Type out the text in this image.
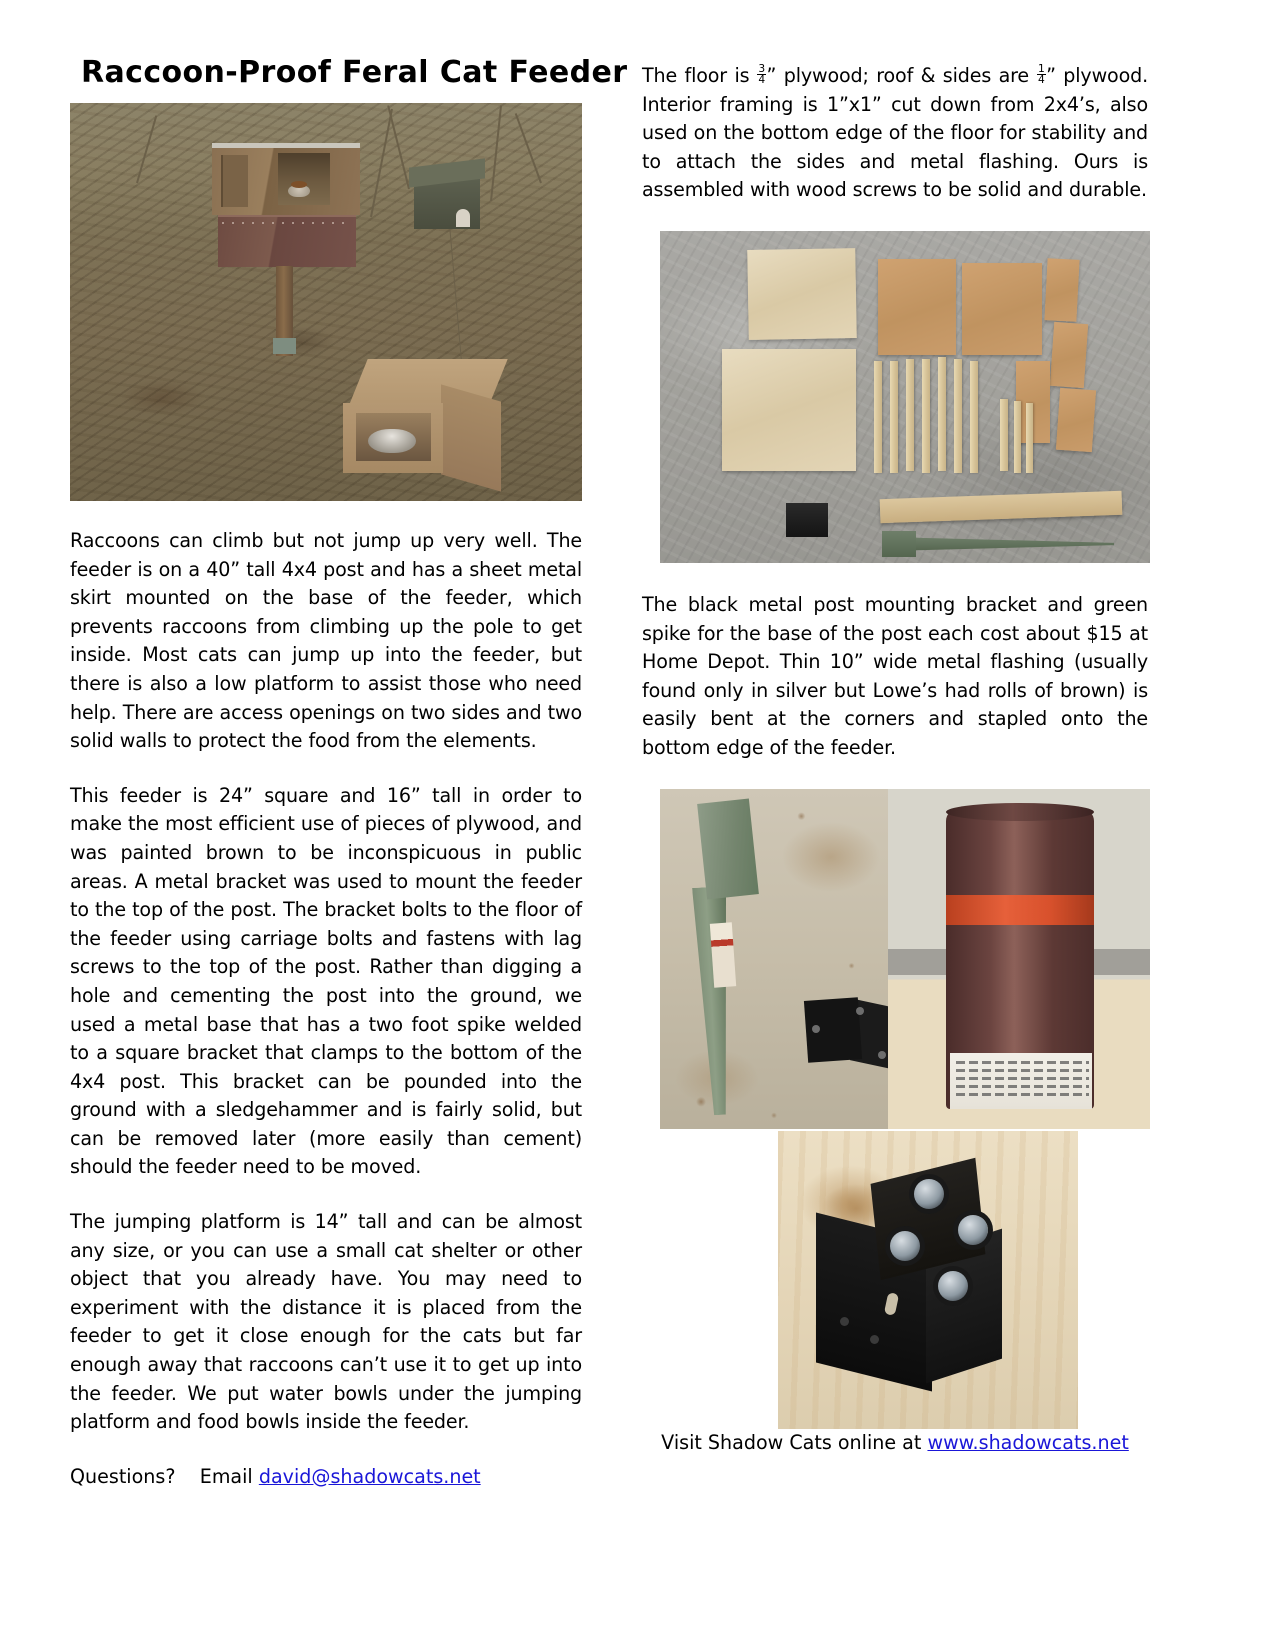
Raccoon-Proof Feral Cat Feeder

Raccoons can climb but not jump up very well. The feeder is on a 40” tall 4x4 post and has a sheet metal skirt mounted on the base of the feeder, which prevents raccoons from climbing up the pole to get inside. Most cats can jump up into the feeder, but there is also a low platform to assist those who need help. There are access openings on two sides and two solid walls to protect the food from the elements.

This feeder is 24” square and 16” tall in order to make the most efficient use of pieces of plywood, and was painted brown to be inconspicuous in public areas. A metal bracket was used to mount the feeder to the top of the post. The bracket bolts to the floor of the feeder using carriage bolts and fastens with lag screws to the top of the post. Rather than digging a hole and cementing the post into the ground, we used a metal base that has a two foot spike welded to a square bracket that clamps to the bottom of the 4x4 post. This bracket can be pounded into the ground with a sledgehammer and is fairly solid, but can be removed later (more easily than cement) should the feeder need to be moved.

The jumping platform is 14” tall and can be almost any size, or you can use a small cat shelter or other object that you already have. You may need to experiment with the distance it is placed from the feeder to get it close enough for the cats but far enough away that raccoons can’t use it to get up into the feeder. We put water bowls under the jumping platform and food bowls inside the feeder.

Questions? Email david@shadowcats.net

The floor is $\frac{3}{4}$ ” plywood; roof & sides are $\frac{1}{4}$ ” plywood. Interior framing is 1”x1” cut down from 2x4’s, also used on the bottom edge of the floor for stability and to attach the sides and metal flashing. Ours is assembled with wood screws to be solid and durable.

The black metal post mounting bracket and green spike for the base of the post each cost about $15 at Home Depot. Thin 10” wide metal flashing (usually found only in silver but Lowe’s had rolls of brown) is easily bent at the corners and stapled onto the bottom edge of the feeder.

Visit Shadow Cats online at www.shadowcats.net
